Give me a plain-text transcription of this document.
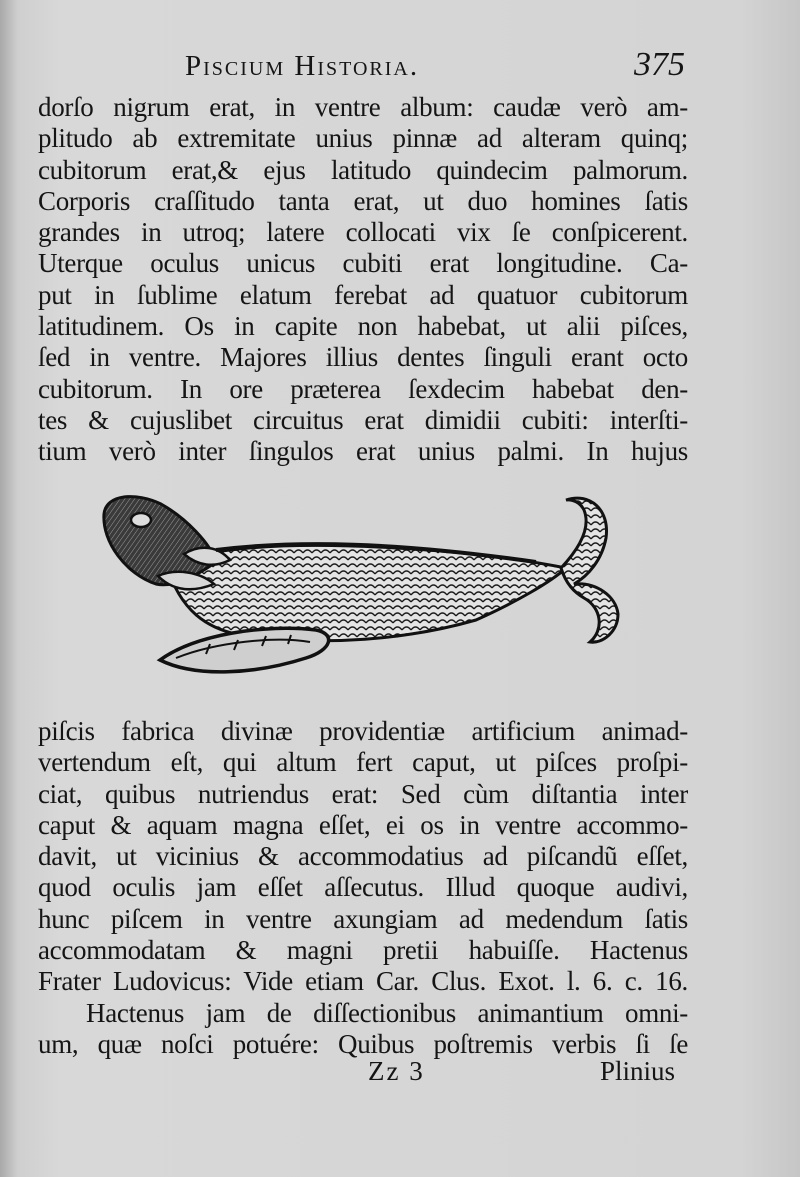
Piscium Historia.	375
dorſo nigrum erat, in ventre album: caudæ verò am-
plitudo ab extremitate unius pinnæ ad alteram quinq;
cubitorum erat,& ejus latitudo quindecim palmorum.
Corporis craſſitudo tanta erat, ut duo homines ſatis
grandes in utroq; latere collocati vix ſe conſpicerent.
Uterque oculus unicus cubiti erat longitudine. Ca-
put in ſublime elatum ferebat ad quatuor cubitorum
latitudinem. Os in capite non habebat, ut alii piſces,
ſed in ventre. Majores illius dentes ſinguli erant octo
cubitorum. In ore præterea ſexdecim habebat den-
tes & cujuslibet circuitus erat dimidii cubiti: interſti-
tium verò inter ſingulos erat unius palmi. In hujus
piſcis fabrica divinæ providentiæ artificium animad-
vertendum eſt, qui altum fert caput, ut piſces proſpi-
ciat, quibus nutriendus erat: Sed cùm diſtantia inter
caput & aquam magna eſſet, ei os in ventre accommo-
davit, ut vicinius & accommodatius ad piſcandũ eſſet,
quod oculis jam eſſet aſſecutus. Illud quoque audivi,
hunc piſcem in ventre axungiam ad medendum ſatis
accommodatam & magni pretii habuiſſe. Hactenus
Frater Ludovicus: Vide etiam Car. Clus. Exot. l. 6. c. 16.
Hactenus jam de diſſectionibus animantium omni-
um, quæ noſci potuére: Quibus poſtremis verbis ſi ſe
Zz 3	Plinius
